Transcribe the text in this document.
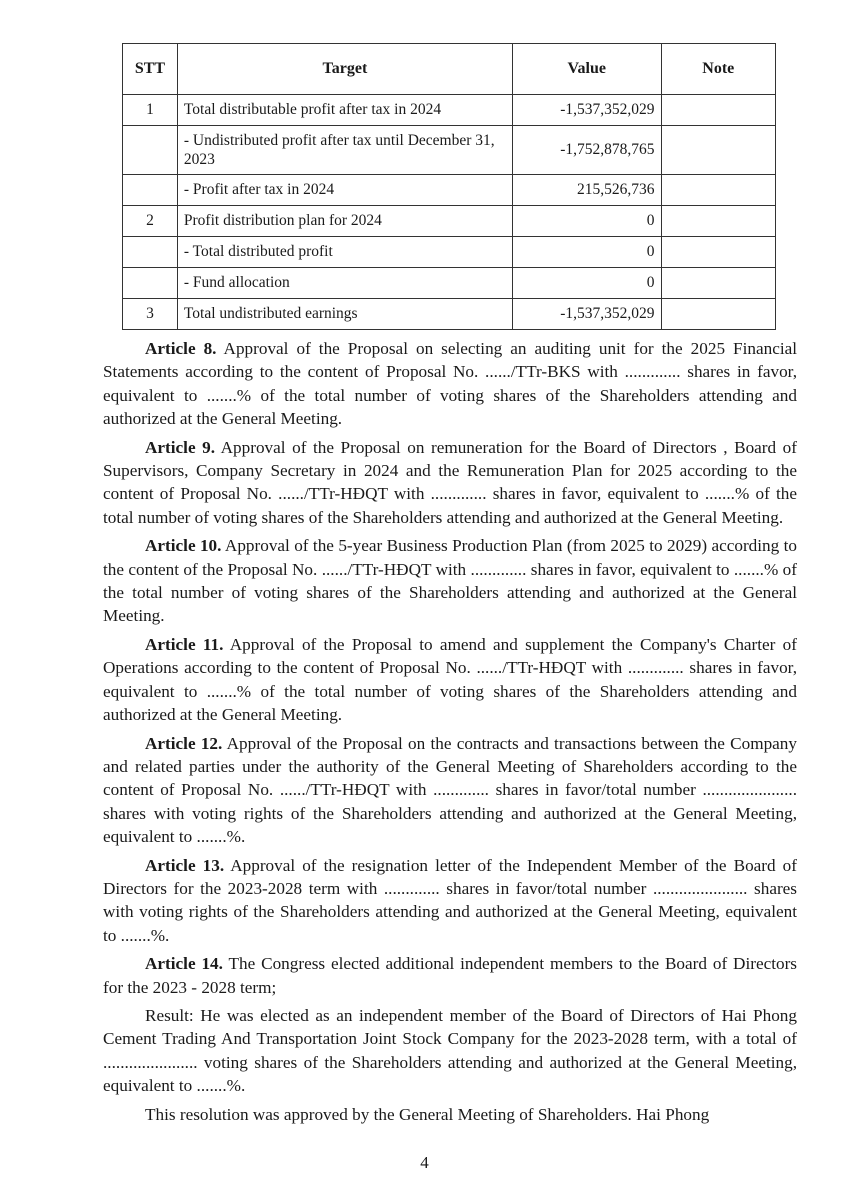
STT	Target	Value	Note
1	Total distributable profit after tax in 2024	-1,537,352,029	
	- Undistributed profit after tax until December 31, 2023	-1,752,878,765	
	- Profit after tax in 2024	215,526,736	
2	Profit distribution plan for 2024	0	
	- Total distributed profit	0	
	- Fund allocation	0	
3	Total undistributed earnings	-1,537,352,029	

Article 8. Approval of the Proposal on selecting an auditing unit for the 2025 Financial Statements according to the content of Proposal No. ....../TTr-BKS with ............. shares in favor, equivalent to .......% of the total number of voting shares of the Shareholders attending and authorized at the General Meeting.

Article 9. Approval of the Proposal on remuneration for the Board of Directors , Board of Supervisors, Company Secretary in 2024 and the Remuneration Plan for 2025 according to the content of Proposal No. ....../TTr-HĐQT with ............. shares in favor, equivalent to .......% of the total number of voting shares of the Shareholders attending and authorized at the General Meeting.

Article 10. Approval of the 5-year Business Production Plan (from 2025 to 2029) according to the content of the Proposal No. ....../TTr-HĐQT with ............. shares in favor, equivalent to .......% of the total number of voting shares of the Shareholders attending and authorized at the General Meeting.

Article 11. Approval of the Proposal to amend and supplement the Company's Charter of Operations according to the content of Proposal No. ....../TTr-HĐQT with ............. shares in favor, equivalent to .......% of the total number of voting shares of the Shareholders attending and authorized at the General Meeting.

Article 12. Approval of the Proposal on the contracts and transactions between the Company and related parties under the authority of the General Meeting of Shareholders according to the content of Proposal No. ....../TTr-HĐQT with ............. shares in favor/total number ...................... shares with voting rights of the Shareholders attending and authorized at the General Meeting, equivalent to .......%.

Article 13. Approval of the resignation letter of the Independent Member of the Board of Directors for the 2023-2028 term with ............. shares in favor/total number ...................... shares with voting rights of the Shareholders attending and authorized at the General Meeting, equivalent to .......%.

Article 14. The Congress elected additional independent members to the Board of Directors for the 2023 - 2028 term;

Result: He was elected as an independent member of the Board of Directors of Hai Phong Cement Trading And Transportation Joint Stock Company for the 2023-2028 term, with a total of ...................... voting shares of the Shareholders attending and authorized at the General Meeting, equivalent to .......%.

This resolution was approved by the General Meeting of Shareholders. Hai Phong

4
